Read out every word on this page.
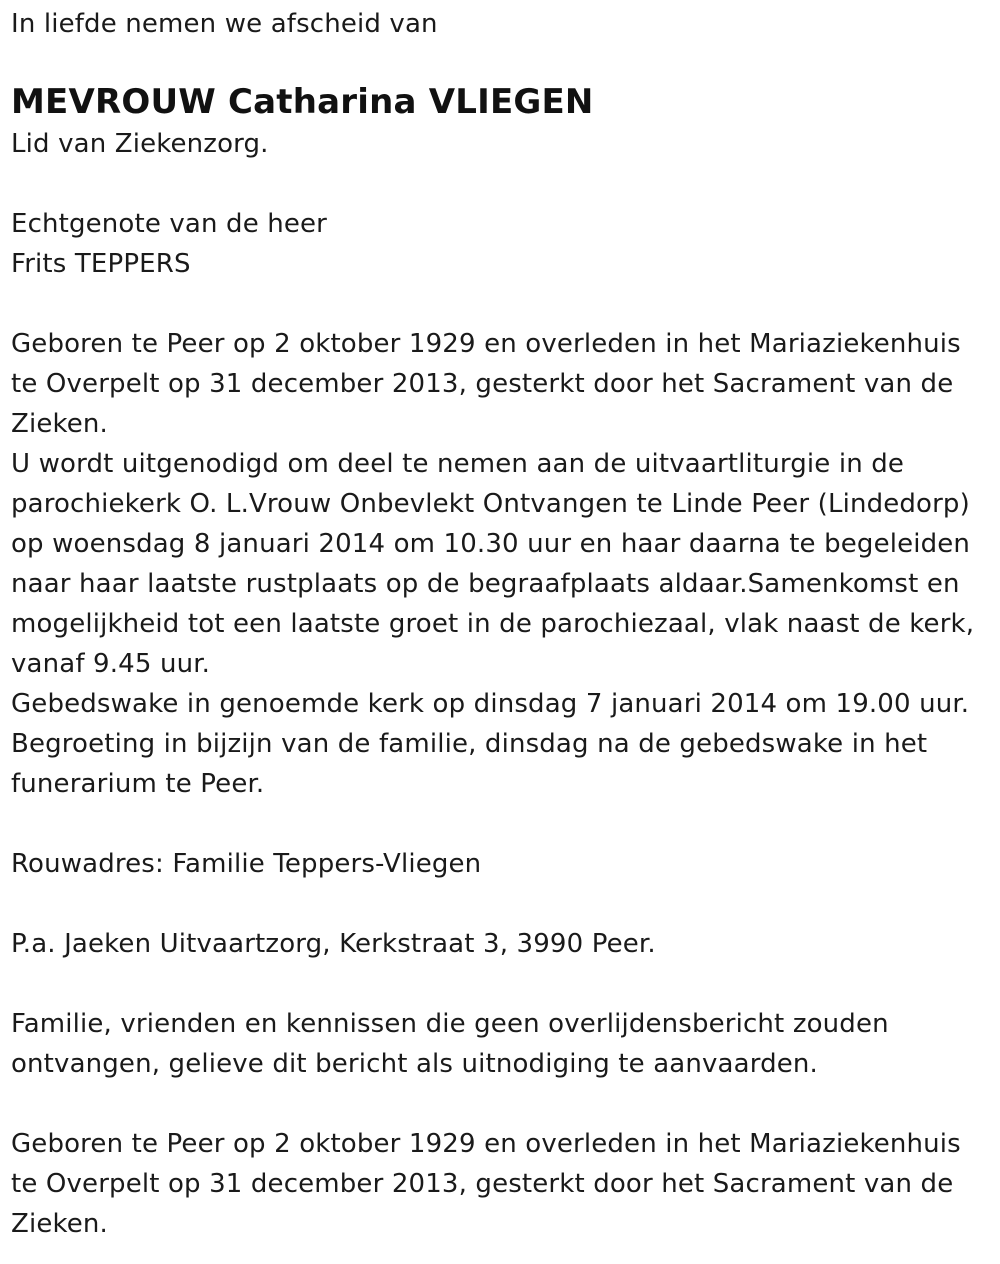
In liefde nemen we afscheid van
MEVROUW Catharina VLIEGEN
Lid van Ziekenzorg.
Echtgenote van de heer
Frits TEPPERS
Geboren te Peer op 2 oktober 1929 en overleden in het Mariaziekenhuis
te Overpelt op 31 december 2013, gesterkt door het Sacrament van de
Zieken.
U wordt uitgenodigd om deel te nemen aan de uitvaartliturgie in de
parochiekerk O. L.Vrouw Onbevlekt Ontvangen te Linde Peer (Lindedorp)
op woensdag 8 januari 2014 om 10.30 uur en haar daarna te begeleiden
naar haar laatste rustplaats op de begraafplaats aldaar.Samenkomst en
mogelijkheid tot een laatste groet in de parochiezaal, vlak naast de kerk,
vanaf 9.45 uur.
Gebedswake in genoemde kerk op dinsdag 7 januari 2014 om 19.00 uur.
Begroeting in bijzijn van de familie, dinsdag na de gebedswake in het
funerarium te Peer.
Rouwadres: Familie Teppers-Vliegen
P.a. Jaeken Uitvaartzorg, Kerkstraat 3, 3990 Peer.
Familie, vrienden en kennissen die geen overlijdensbericht zouden
ontvangen, gelieve dit bericht als uitnodiging te aanvaarden.
Geboren te Peer op 2 oktober 1929 en overleden in het Mariaziekenhuis
te Overpelt op 31 december 2013, gesterkt door het Sacrament van de
Zieken.
